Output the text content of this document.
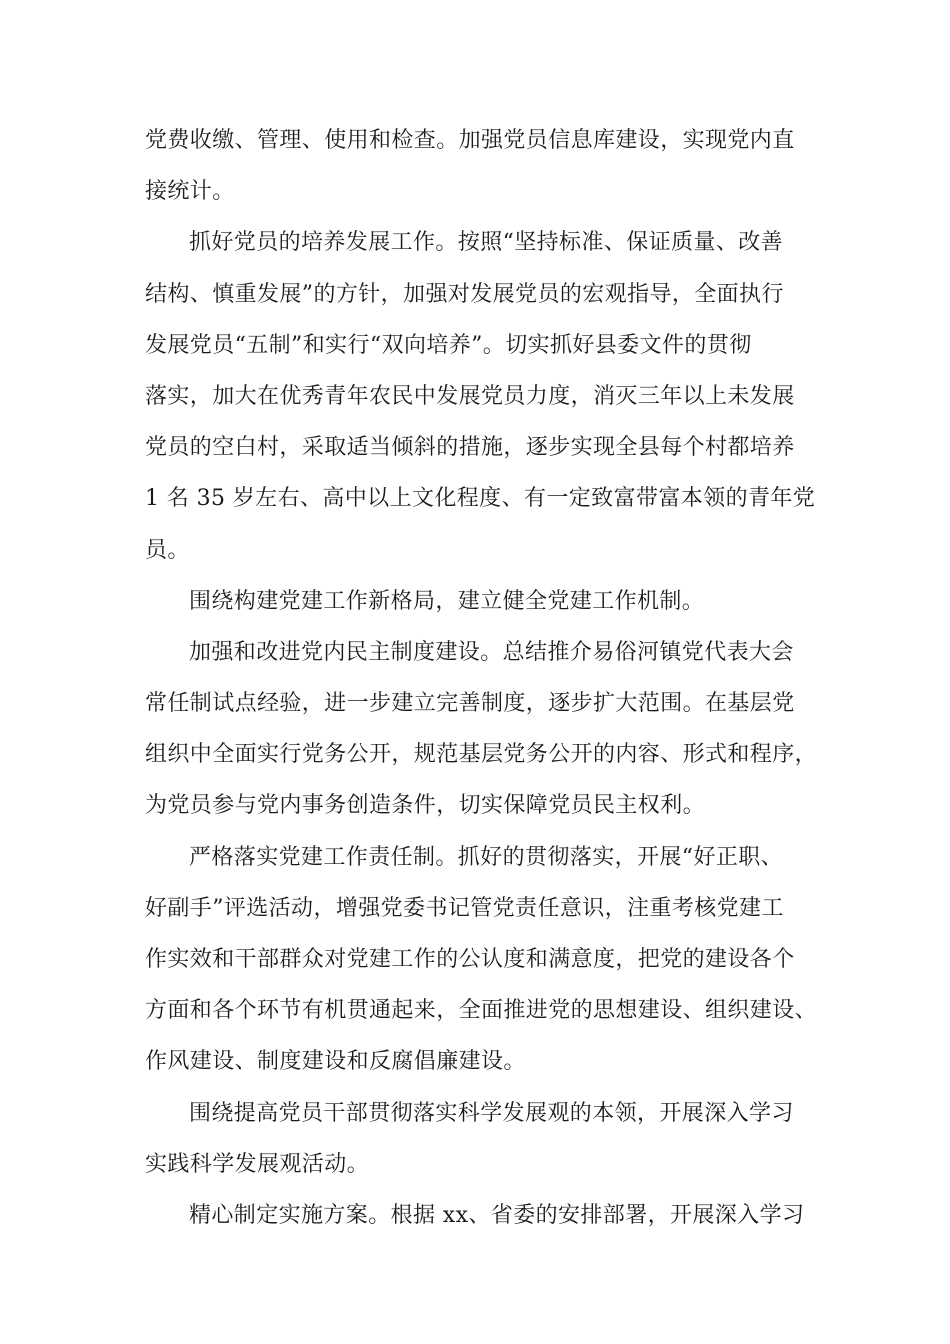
党费收缴、管理、使用和检查。加强党员信息库建设，实现党内直
接统计。
抓好党员的培养发展工作。按照“坚持标准、保证质量、改善
结构、慎重发展”的方针，加强对发展党员的宏观指导，全面执行
发展党员“五制”和实行“双向培养”。切实抓好县委文件的贯彻
落实，加大在优秀青年农民中发展党员力度，消灭三年以上未发展
党员的空白村，采取适当倾斜的措施，逐步实现全县每个村都培养
1 名 35 岁左右、高中以上文化程度、有一定致富带富本领的青年党
员。
围绕构建党建工作新格局，建立健全党建工作机制。
加强和改进党内民主制度建设。总结推介易俗河镇党代表大会
常任制试点经验，进一步建立完善制度，逐步扩大范围。在基层党
组织中全面实行党务公开，规范基层党务公开的内容、形式和程序，
为党员参与党内事务创造条件，切实保障党员民主权利。
严格落实党建工作责任制。抓好的贯彻落实，开展“好正职、
好副手”评选活动，增强党委书记管党责任意识，注重考核党建工
作实效和干部群众对党建工作的公认度和满意度，把党的建设各个
方面和各个环节有机贯通起来，全面推进党的思想建设、组织建设、
作风建设、制度建设和反腐倡廉建设。
围绕提高党员干部贯彻落实科学发展观的本领，开展深入学习
实践科学发展观活动。
精心制定实施方案。根据 xx、省委的安排部署，开展深入学习
